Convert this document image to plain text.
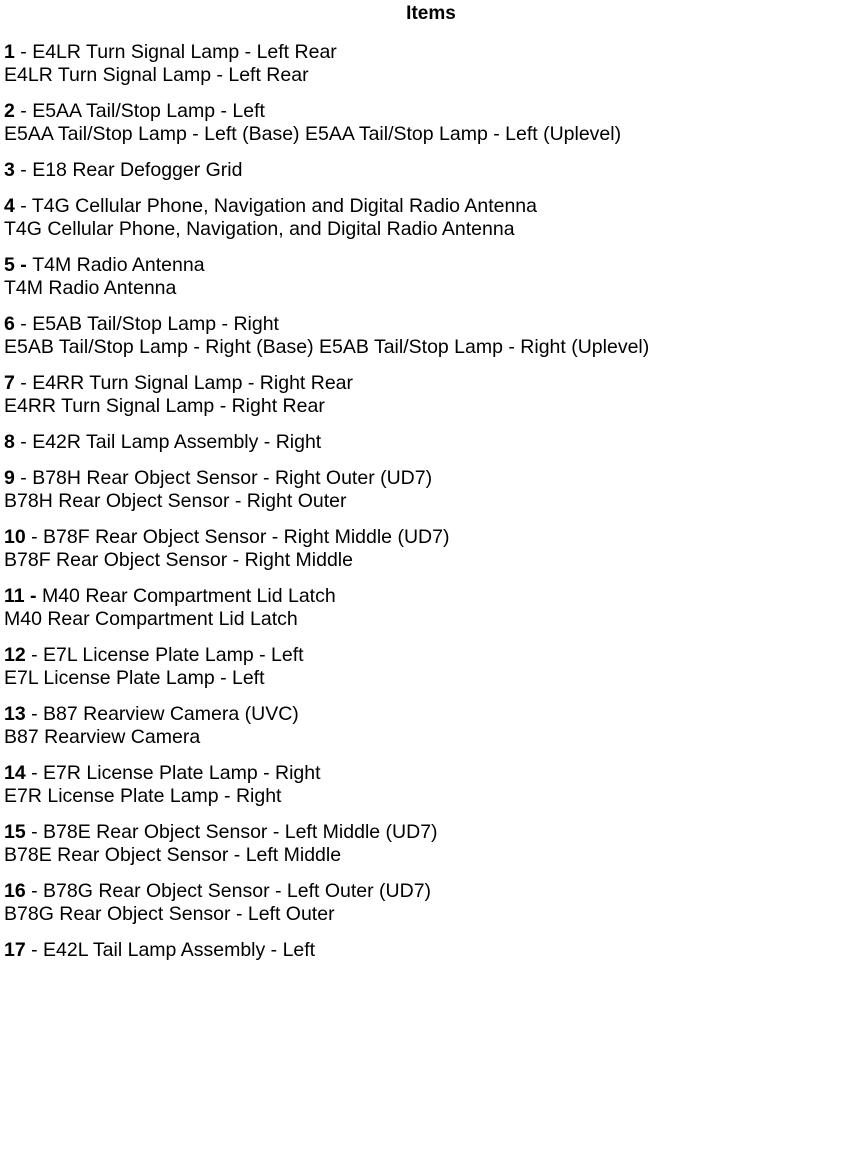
Items
1 - E4LR Turn Signal Lamp - Left Rear
E4LR Turn Signal Lamp - Left Rear
2 - E5AA Tail/Stop Lamp - Left
E5AA Tail/Stop Lamp - Left (Base) E5AA Tail/Stop Lamp - Left (Uplevel)
3 - E18 Rear Defogger Grid
4 - T4G Cellular Phone, Navigation and Digital Radio Antenna
T4G Cellular Phone, Navigation, and Digital Radio Antenna
5 - T4M Radio Antenna
T4M Radio Antenna
6 - E5AB Tail/Stop Lamp - Right
E5AB Tail/Stop Lamp - Right (Base) E5AB Tail/Stop Lamp - Right (Uplevel)
7 - E4RR Turn Signal Lamp - Right Rear
E4RR Turn Signal Lamp - Right Rear
8 - E42R Tail Lamp Assembly - Right
9 - B78H Rear Object Sensor - Right Outer (UD7)
B78H Rear Object Sensor - Right Outer
10 - B78F Rear Object Sensor - Right Middle (UD7)
B78F Rear Object Sensor - Right Middle
11 - M40 Rear Compartment Lid Latch
M40 Rear Compartment Lid Latch
12 - E7L License Plate Lamp - Left
E7L License Plate Lamp - Left
13 - B87 Rearview Camera (UVC)
B87 Rearview Camera
14 - E7R License Plate Lamp - Right
E7R License Plate Lamp - Right
15 - B78E Rear Object Sensor - Left Middle (UD7)
B78E Rear Object Sensor - Left Middle
16 - B78G Rear Object Sensor - Left Outer (UD7)
B78G Rear Object Sensor - Left Outer
17 - E42L Tail Lamp Assembly - Left
